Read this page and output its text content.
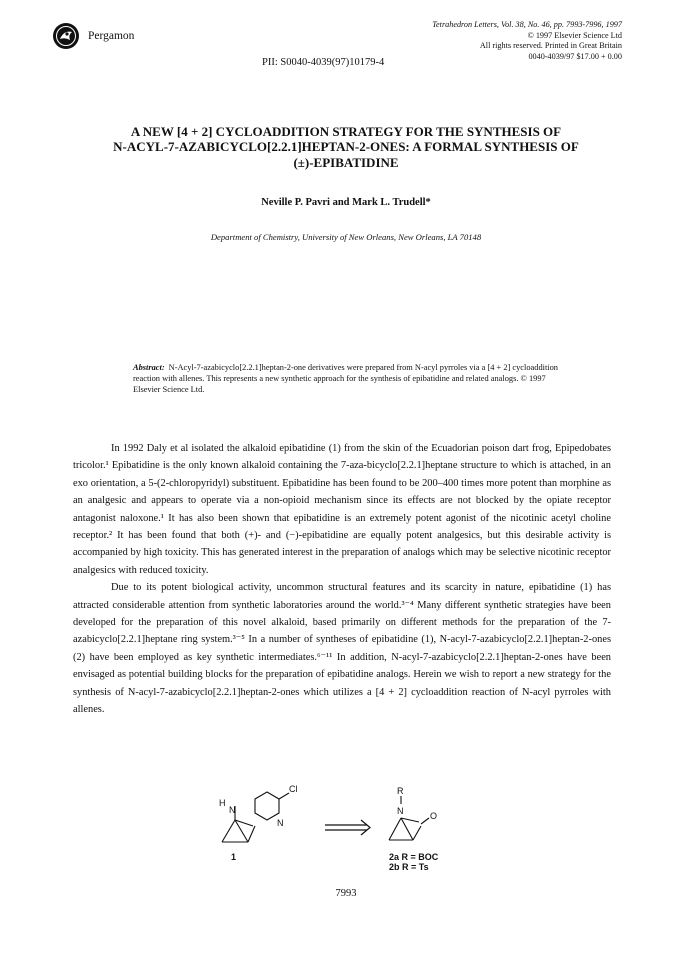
Pergamon
Tetrahedron Letters, Vol. 38, No. 46, pp. 7993-7996, 1997
© 1997 Elsevier Science Ltd
All rights reserved. Printed in Great Britain
0040-4039/97 $17.00 + 0.00
PII: S0040-4039(97)10179-4
A NEW [4 + 2] CYCLOADDITION STRATEGY FOR THE SYNTHESIS OF
N-ACYL-7-AZABICYCLO[2.2.1]HEPTAN-2-ONES: A FORMAL SYNTHESIS OF
(±)-EPIBATIDINE
Neville P. Pavri and Mark L. Trudell*
Department of Chemistry, University of New Orleans, New Orleans, LA 70148
Abstract: N-Acyl-7-azabicyclo[2.2.1]heptan-2-one derivatives were prepared from N-acyl pyrroles via a [4 + 2] cycloaddition reaction with allenes. This represents a new synthetic approach for the synthesis of epibatidine and related analogs. © 1997 Elsevier Science Ltd.

In 1992 Daly et al isolated the alkaloid epibatidine (1) from the skin of the Ecuadorian poison dart frog, Epipedobates tricolor.¹ Epibatidine is the only known alkaloid containing the 7-aza-bicyclo[2.2.1]heptane structure to which is attached, in an exo orientation, a 5-(2-chloropyridyl) substituent. Epibatidine has been found to be 200–400 times more potent than morphine as an analgesic and appears to operate via a non-opioid mechanism since its effects are not blocked by the opiate receptor antagonist naloxone.¹ It has also been shown that epibatidine is an extremely potent agonist of the nicotinic acetyl choline receptor.² It has been found that both (+)- and (−)-epibatidine are equally potent analgesics, but this desirable activity is accompanied by high toxicity. This has generated interest in the preparation of analogs which may be selective nicotinic receptor analgesics with reduced toxicity.

Due to its potent biological activity, uncommon structural features and its scarcity in nature, epibatidine (1) has attracted considerable attention from synthetic laboratories around the world.³⁻⁴ Many different synthetic strategies have been developed for the preparation of this novel alkaloid, based primarily on different methods for the preparation of the 7-azabicyclo[2.2.1]heptane ring system.³⁻⁵ In a number of syntheses of epibatidine (1), N-acyl-7-azabicyclo[2.2.1]heptan-2-ones (2) have been employed as key synthetic intermediates.⁶⁻¹¹ In addition, N-acyl-7-azabicyclo[2.2.1]heptan-2-ones have been envisaged as potential building blocks for the preparation of epibatidine analogs. Herein we wish to report a new strategy for the synthesis of N-acyl-7-azabicyclo[2.2.1]heptan-2-ones which utilizes a [4 + 2] cycloaddition reaction of N-acyl pyrroles with allenes.

H
N
N
Cl
1
R
N	O
2a R = BOC
2b R = Ts
7993
